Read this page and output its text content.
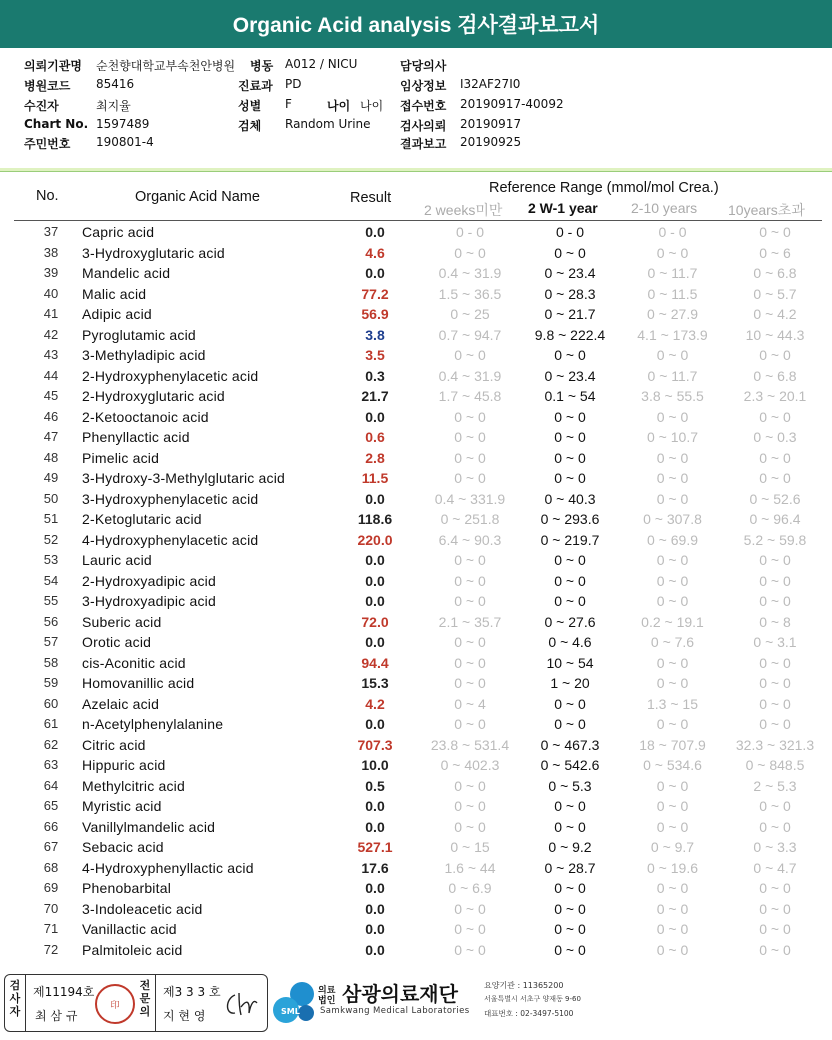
Organic Acid analysis 검사결과보고서
의뢰기관명 순천향대학교부속천안병원 병동 A012 / NICU	담당의사
병원코드 85416	진료과 PD	임상정보 I32AF27I0
수진자	최지율	성별 F	나이 나이 접수번호 20190917-40092
Chart No. 1597489	검체 Random Urine 검사의뢰 20190917
주민번호 190801-4	결과보고 20190925
No.	Organic Acid Name	Result
Reference Range (mmol/mol Crea.)
2 weeks미만 2 W-1 year 2-10 years 10years초과
37	Capric acid	0.0	0 - 0	0 - 0	0 - 0	0 ~ 0
38	3-Hydroxyglutaric acid	4.6	0 ~ 0	0 ~ 0	0 ~ 0	0 ~ 6
39	Mandelic acid	0.0	0.4 ~ 31.9	0 ~ 23.4	0 ~ 11.7	0 ~ 6.8
40	Malic acid	77.2	1.5 ~ 36.5	0 ~ 28.3	0 ~ 11.5	0 ~ 5.7
41	Adipic acid	56.9	0 ~ 25	0 ~ 21.7	0 ~ 27.9	0 ~ 4.2
42	Pyroglutamic acid	3.8	0.7 ~ 94.7	9.8 ~ 222.4	4.1 ~ 173.9	10 ~ 44.3
43	3-Methyladipic acid	3.5	0 ~ 0	0 ~ 0	0 ~ 0	0 ~ 0
44	2-Hydroxyphenylacetic acid	0.3	0.4 ~ 31.9	0 ~ 23.4	0 ~ 11.7	0 ~ 6.8
45	2-Hydroxyglutaric acid	21.7	1.7 ~ 45.8	0.1 ~ 54	3.8 ~ 55.5	2.3 ~ 20.1
46	2-Ketooctanoic acid	0.0	0 ~ 0	0 ~ 0	0 ~ 0	0 ~ 0
47	Phenyllactic acid	0.6	0 ~ 0	0 ~ 0	0 ~ 10.7	0 ~ 0.3
48	Pimelic acid	2.8	0 ~ 0	0 ~ 0	0 ~ 0	0 ~ 0
49	3-Hydroxy-3-Methylglutaric acid	11.5	0 ~ 0	0 ~ 0	0 ~ 0	0 ~ 0
50	3-Hydroxyphenylacetic acid	0.0	0.4 ~ 331.9	0 ~ 40.3	0 ~ 0	0 ~ 52.6
51	2-Ketoglutaric acid	118.6	0 ~ 251.8	0 ~ 293.6	0 ~ 307.8	0 ~ 96.4
52	4-Hydroxyphenylacetic acid	220.0	6.4 ~ 90.3	0 ~ 219.7	0 ~ 69.9	5.2 ~ 59.8
53	Lauric acid	0.0	0 ~ 0	0 ~ 0	0 ~ 0	0 ~ 0
54	2-Hydroxyadipic acid	0.0	0 ~ 0	0 ~ 0	0 ~ 0	0 ~ 0
55	3-Hydroxyadipic acid	0.0	0 ~ 0	0 ~ 0	0 ~ 0	0 ~ 0
56	Suberic acid	72.0	2.1 ~ 35.7	0 ~ 27.6	0.2 ~ 19.1	0 ~ 8
57	Orotic acid	0.0	0 ~ 0	0 ~ 4.6	0 ~ 7.6	0 ~ 3.1
58	cis-Aconitic acid	94.4	0 ~ 0	10 ~ 54	0 ~ 0	0 ~ 0
59	Homovanillic acid	15.3	0 ~ 0	1 ~ 20	0 ~ 0	0 ~ 0
60	Azelaic acid	4.2	0 ~ 4	0 ~ 0	1.3 ~ 15	0 ~ 0
61	n-Acetylphenylalanine	0.0	0 ~ 0	0 ~ 0	0 ~ 0	0 ~ 0
62	Citric acid	707.3	23.8 ~ 531.4	0 ~ 467.3	18 ~ 707.9	32.3 ~ 321.3
63	Hippuric acid	10.0	0 ~ 402.3	0 ~ 542.6	0 ~ 534.6	0 ~ 848.5
64	Methylcitric acid	0.5	0 ~ 0	0 ~ 5.3	0 ~ 0	2 ~ 5.3
65	Myristic acid	0.0	0 ~ 0	0 ~ 0	0 ~ 0	0 ~ 0
66	Vanillylmandelic acid	0.0	0 ~ 0	0 ~ 0	0 ~ 0	0 ~ 0
67	Sebacic acid	527.1	0 ~ 15	0 ~ 9.2	0 ~ 9.7	0 ~ 3.3
68	4-Hydroxyphenyllactic acid	17.6	1.6 ~ 44	0 ~ 28.7	0 ~ 19.6	0 ~ 4.7
69	Phenobarbital	0.0	0 ~ 6.9	0 ~ 0	0 ~ 0	0 ~ 0
70	3-Indoleacetic acid	0.0	0 ~ 0	0 ~ 0	0 ~ 0	0 ~ 0
71	Vanillactic acid	0.0	0 ~ 0	0 ~ 0	0 ~ 0	0 ~ 0
72	Palmitoleic acid	0.0	0 ~ 0	0 ~ 0	0 ~ 0	0 ~ 0
검사자
제11194호
최 삼 규
印
전문의
제3 3 3 호
지 현 영	SML
의료법인 삼광의료재단
Samkwang Medical Laboratories
요양기관 : 11365200
서울특별시 서초구 양재동 9-60
대표번호 : 02-3497-5100
